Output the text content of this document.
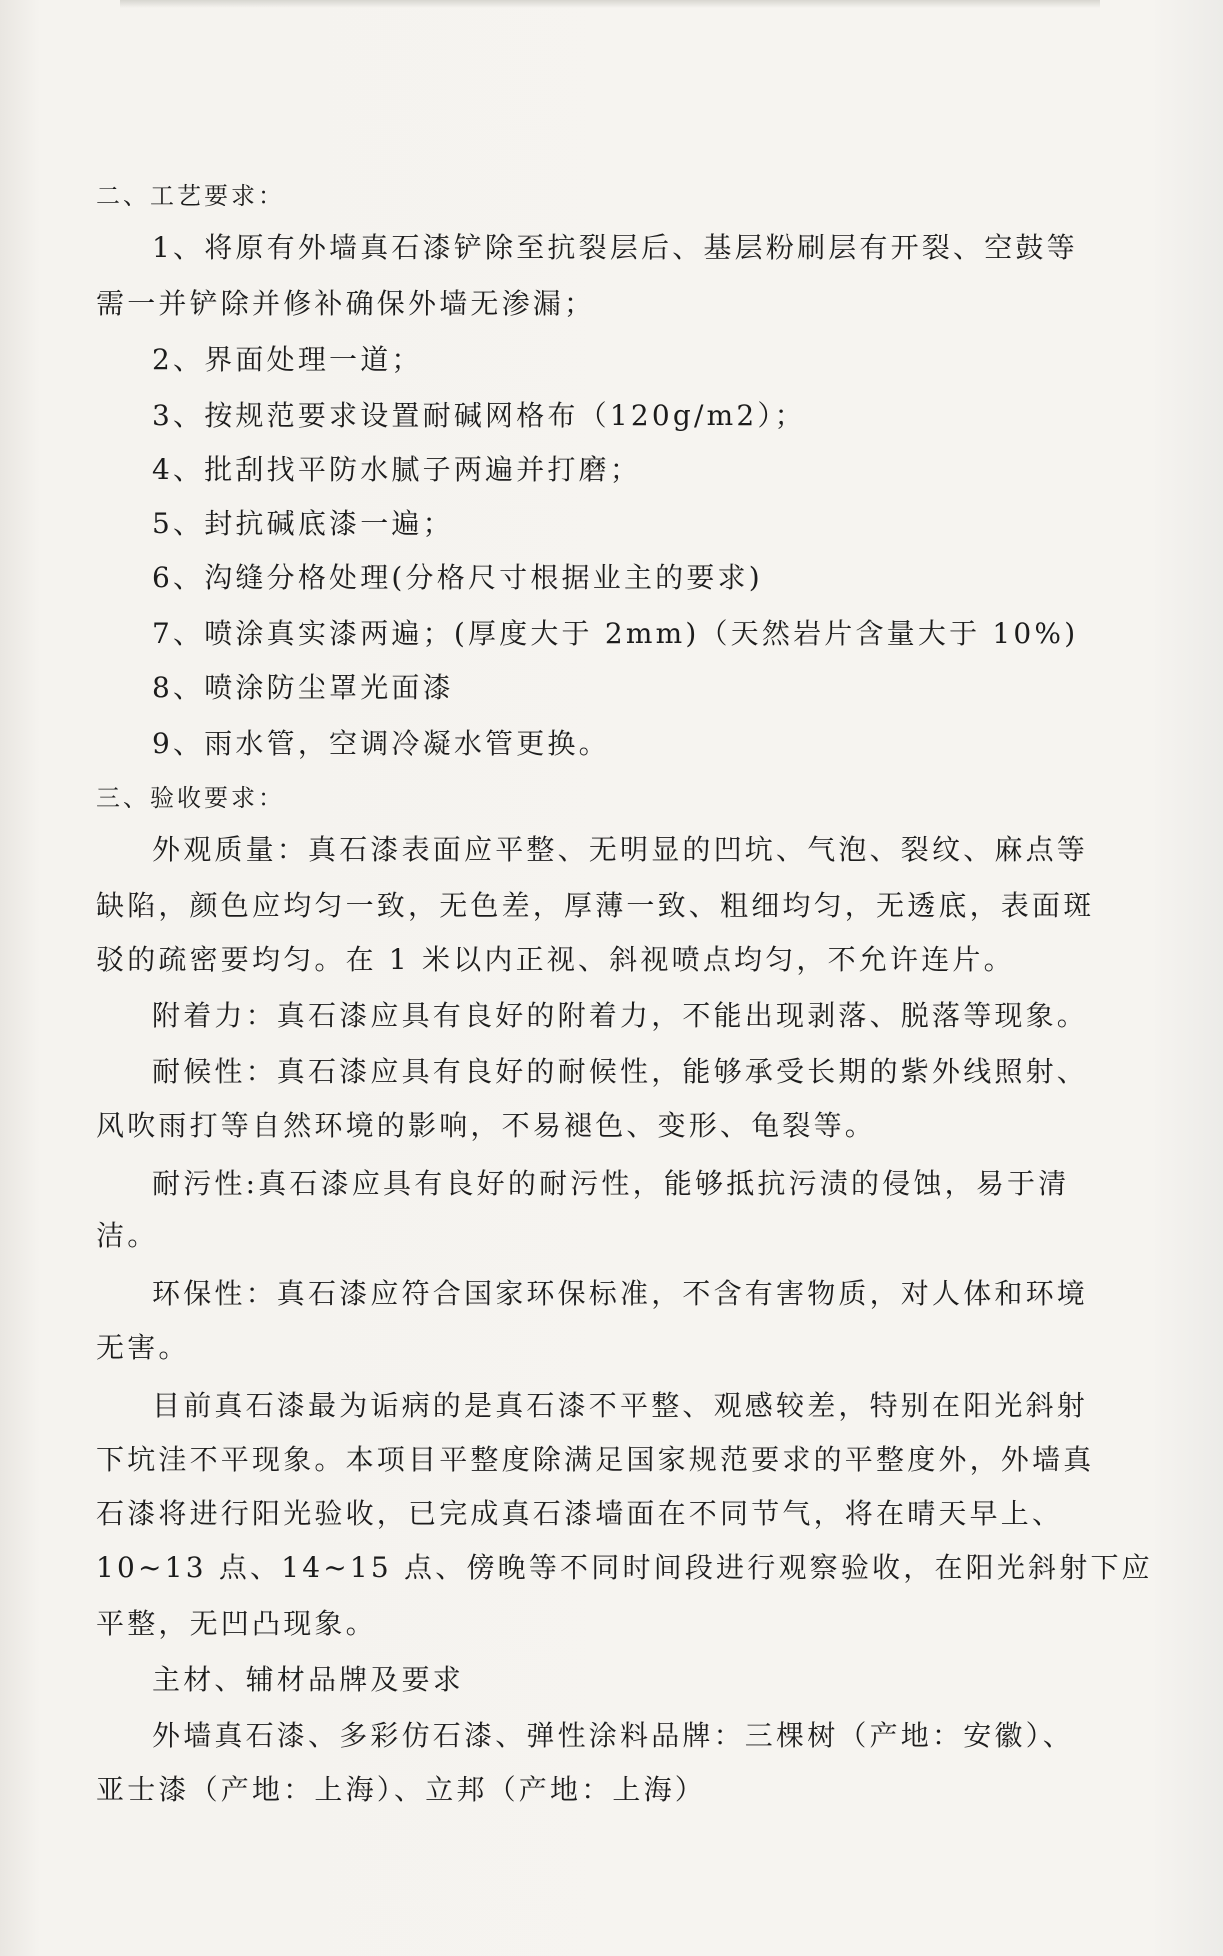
二、工艺要求：
1、将原有外墙真石漆铲除至抗裂层后、基层粉刷层有开裂、空鼓等
需一并铲除并修补确保外墙无渗漏；
2、界面处理一道；
3、按规范要求设置耐碱网格布（120g/m2）；
4、批刮找平防水腻子两遍并打磨；
5、封抗碱底漆一遍；
6、沟缝分格处理(分格尺寸根据业主的要求)
7、喷涂真实漆两遍；(厚度大于 2mm)（天然岩片含量大于 10%)
8、喷涂防尘罩光面漆
9、雨水管，空调冷凝水管更换。
三、验收要求：
外观质量：真石漆表面应平整、无明显的凹坑、气泡、裂纹、麻点等
缺陷，颜色应均匀一致，无色差，厚薄一致、粗细均匀，无透底，表面斑
驳的疏密要均匀。在 1 米以内正视、斜视喷点均匀，不允许连片。
附着力：真石漆应具有良好的附着力，不能出现剥落、脱落等现象。
耐候性：真石漆应具有良好的耐候性，能够承受长期的紫外线照射、
风吹雨打等自然环境的影响，不易褪色、变形、龟裂等。
耐污性:真石漆应具有良好的耐污性，能够抵抗污渍的侵蚀，易于清
洁。
环保性：真石漆应符合国家环保标准，不含有害物质，对人体和环境
无害。
目前真石漆最为诟病的是真石漆不平整、观感较差，特别在阳光斜射
下坑洼不平现象。本项目平整度除满足国家规范要求的平整度外，外墙真
石漆将进行阳光验收，已完成真石漆墙面在不同节气，将在晴天早上、
10~13 点、14~15 点、傍晚等不同时间段进行观察验收，在阳光斜射下应
平整，无凹凸现象。
主材、辅材品牌及要求
外墙真石漆、多彩仿石漆、弹性涂料品牌：三棵树（产地：安徽）、
亚士漆（产地：上海）、立邦（产地：上海）
